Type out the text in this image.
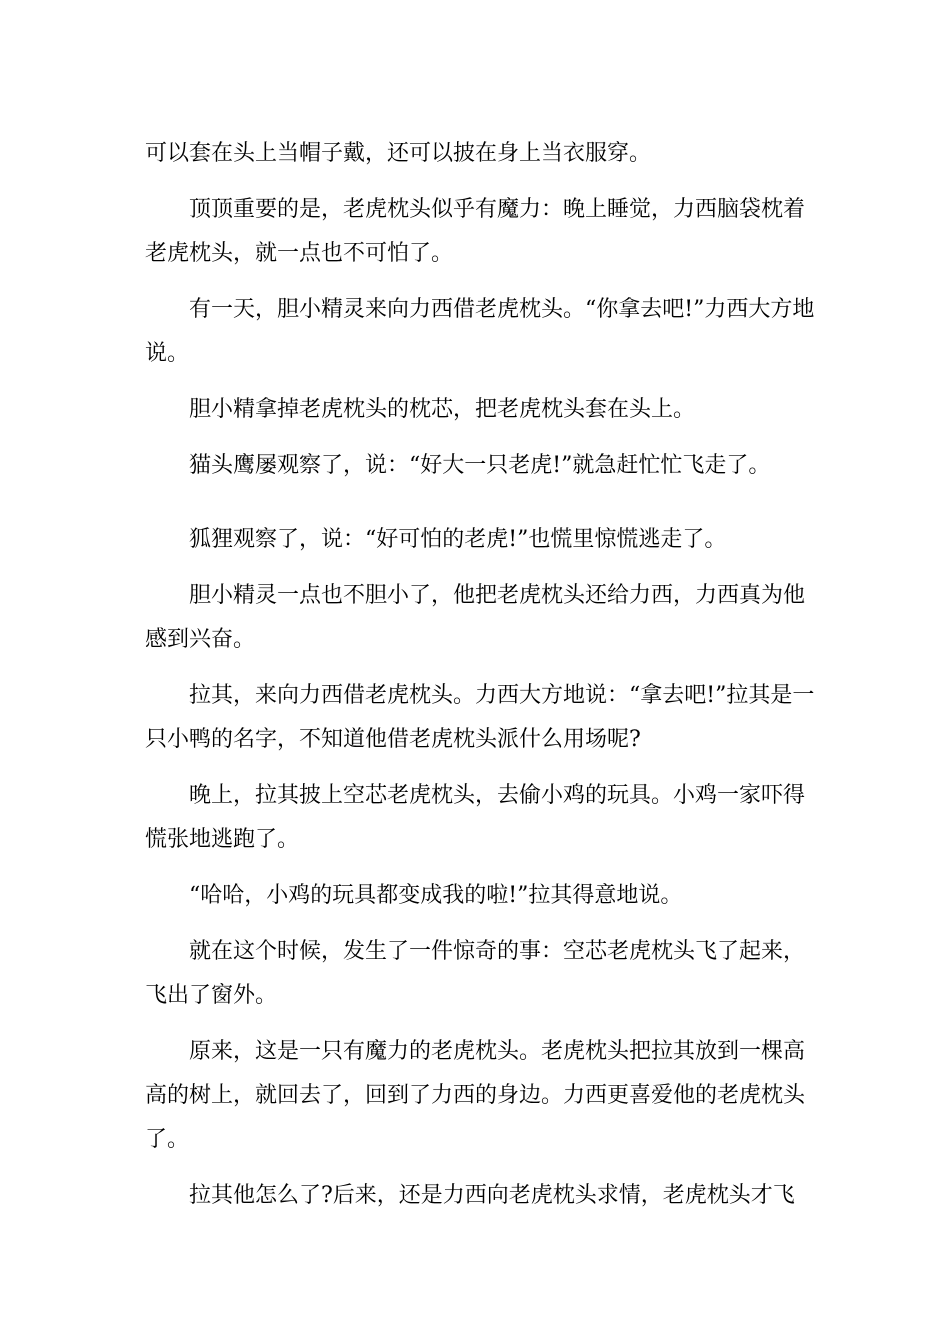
可以套在头上当帽子戴，还可以披在身上当衣服穿。

顶顶重要的是，老虎枕头似乎有魔力：晚上睡觉，力西脑袋枕着老虎枕头，就一点也不可怕了。

有一天，胆小精灵来向力西借老虎枕头。“你拿去吧!”力西大方地说。

胆小精拿掉老虎枕头的枕芯，把老虎枕头套在头上。

猫头鹰屡观察了，说：“好大一只老虎!”就急赶忙忙飞走了。

狐狸观察了，说：“好可怕的老虎!”也慌里惊慌逃走了。

胆小精灵一点也不胆小了，他把老虎枕头还给力西，力西真为他感到兴奋。

拉其，来向力西借老虎枕头。力西大方地说：“拿去吧!”拉其是一只小鸭的名字，不知道他借老虎枕头派什么用场呢?

晚上，拉其披上空芯老虎枕头，去偷小鸡的玩具。小鸡一家吓得慌张地逃跑了。

“哈哈，小鸡的玩具都变成我的啦!”拉其得意地说。

就在这个时候，发生了一件惊奇的事：空芯老虎枕头飞了起来，飞出了窗外。

原来，这是一只有魔力的老虎枕头。老虎枕头把拉其放到一棵高高的树上，就回去了，回到了力西的身边。力西更喜爱他的老虎枕头了。

拉其他怎么了?后来，还是力西向老虎枕头求情，老虎枕头才飞
